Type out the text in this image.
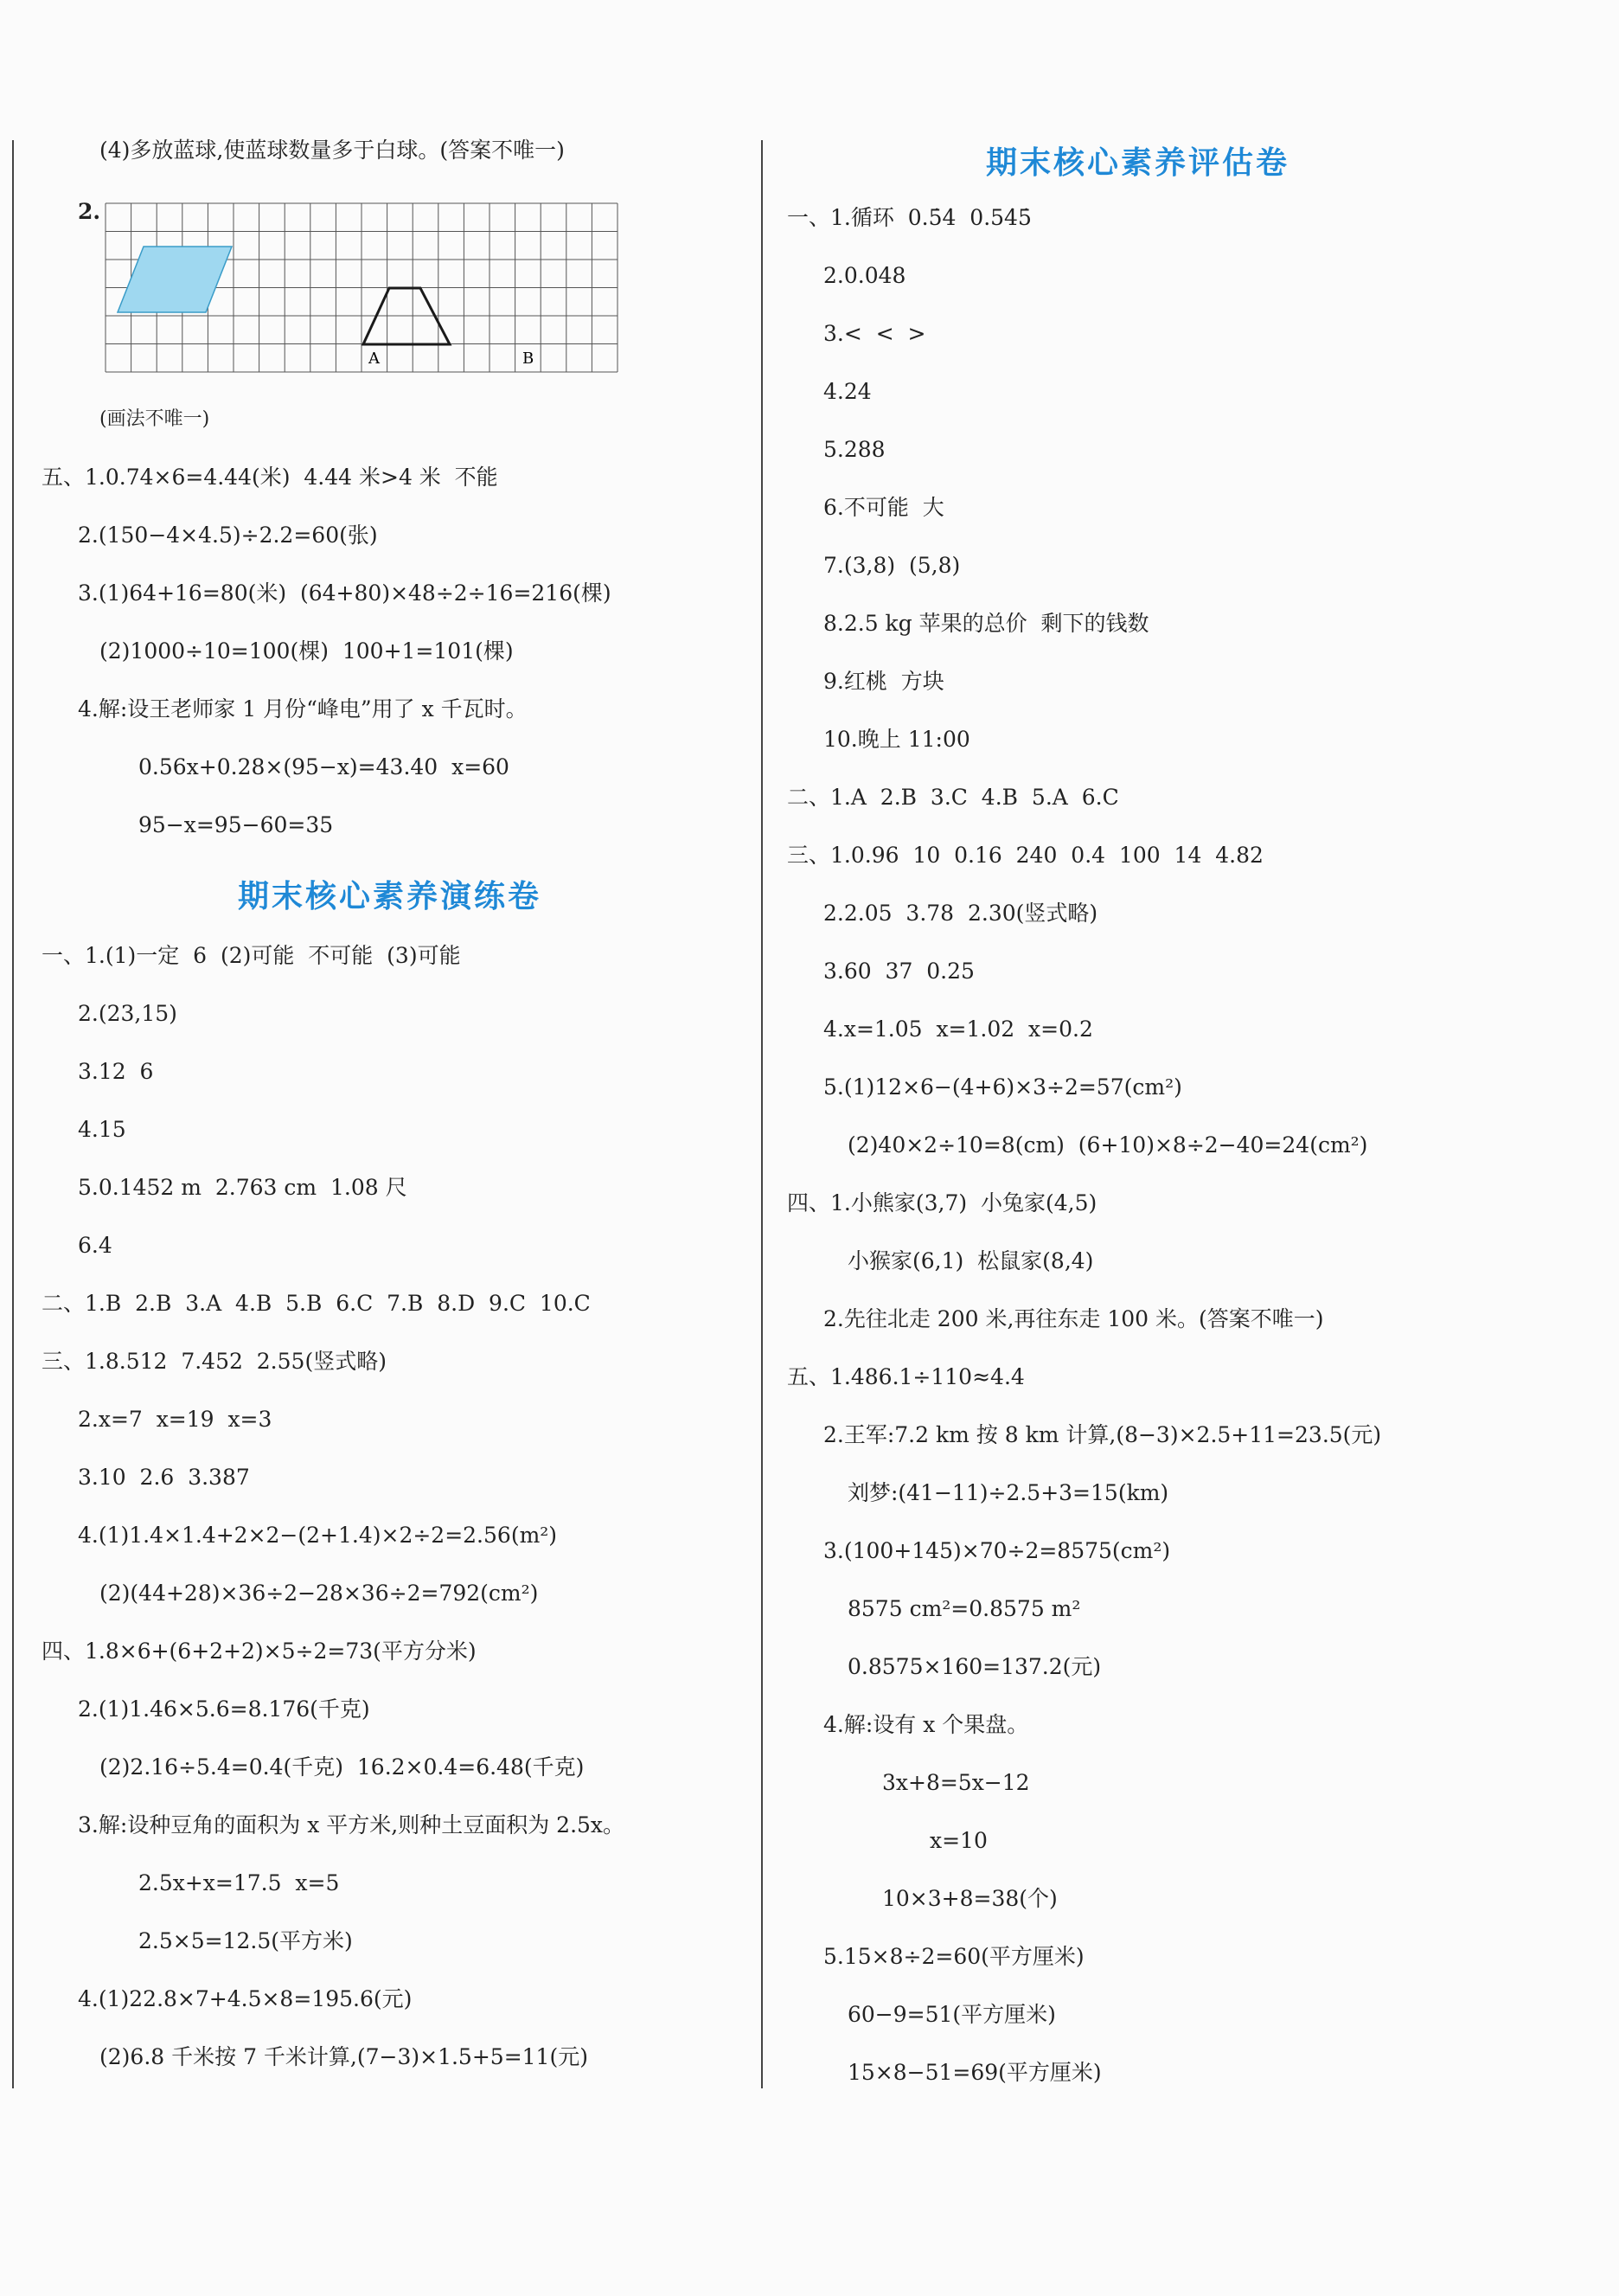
(4)多放蓝球,使蓝球数量多于白球。(答案不唯一)
2.
A	B
(画法不唯一)
五、1.0.74×6=4.44(米)  4.44 米>4 米  不能
2.(150−4×4.5)÷2.2=60(张)
3.(1)64+16=80(米)  (64+80)×48÷2÷16=216(棵)
(2)1000÷10=100(棵)  100+1=101(棵)
4.解:设王老师家 1 月份“峰电”用了 x 千瓦时。
0.56x+0.28×(95−x)=43.40  x=60
95−x=95−60=35
期末核心素养演练卷
一、1.(1)一定  6  (2)可能  不可能  (3)可能
2.(23,15)
3.12  6
4.15
5.0.1452 m  2.763 cm  1.08 尺
6.4
二、1.B  2.B  3.A  4.B  5.B  6.C  7.B  8.D  9.C  10.C
三、1.8.512  7.452  2.55(竖式略)
2.x=7  x=19  x=3
3.10  2.6  3.387
4.(1)1.4×1.4+2×2−(2+1.4)×2÷2=2.56(m²)
(2)(44+28)×36÷2−28×36÷2=792(cm²)
四、1.8×6+(6+2+2)×5÷2=73(平方分米)
2.(1)1.46×5.6=8.176(千克)
(2)2.16÷5.4=0.4(千克)  16.2×0.4=6.48(千克)
3.解:设种豆角的面积为 x 平方米,则种土豆面积为 2.5x。
2.5x+x=17.5  x=5
2.5×5=12.5(平方米)
4.(1)22.8×7+4.5×8=195.6(元)
(2)6.8 千米按 7 千米计算,(7−3)×1.5+5=11(元)
期末核心素养评估卷
一、1.循环  0.5̇4̇  0.54̇5̇
2.0.048
3.<  <  >
4.24
5.288
6.不可能  大
7.(3,8)  (5,8)
8.2.5 kg 苹果的总价  剩下的钱数
9.红桃  方块
10.晚上 11:00
二、1.A  2.B  3.C  4.B  5.A  6.C
三、1.0.96  10  0.16  240  0.4  100  14  4.82
2.2.05  3.78  2.30(竖式略)
3.60  37  0.25
4.x=1.05  x=1.02  x=0.2
5.(1)12×6−(4+6)×3÷2=57(cm²)
(2)40×2÷10=8(cm)  (6+10)×8÷2−40=24(cm²)
四、1.小熊家(3,7)  小兔家(4,5)
小猴家(6,1)  松鼠家(8,4)
2.先往北走 200 米,再往东走 100 米。(答案不唯一)
五、1.486.1÷110≈4.4
2.王军:7.2 km 按 8 km 计算,(8−3)×2.5+11=23.5(元)
刘梦:(41−11)÷2.5+3=15(km)
3.(100+145)×70÷2=8575(cm²)
8575 cm²=0.8575 m²
0.8575×160=137.2(元)
4.解:设有 x 个果盘。
3x+8=5x−12
x=10
10×3+8=38(个)
5.15×8÷2=60(平方厘米)
60−9=51(平方厘米)
15×8−51=69(平方厘米)
